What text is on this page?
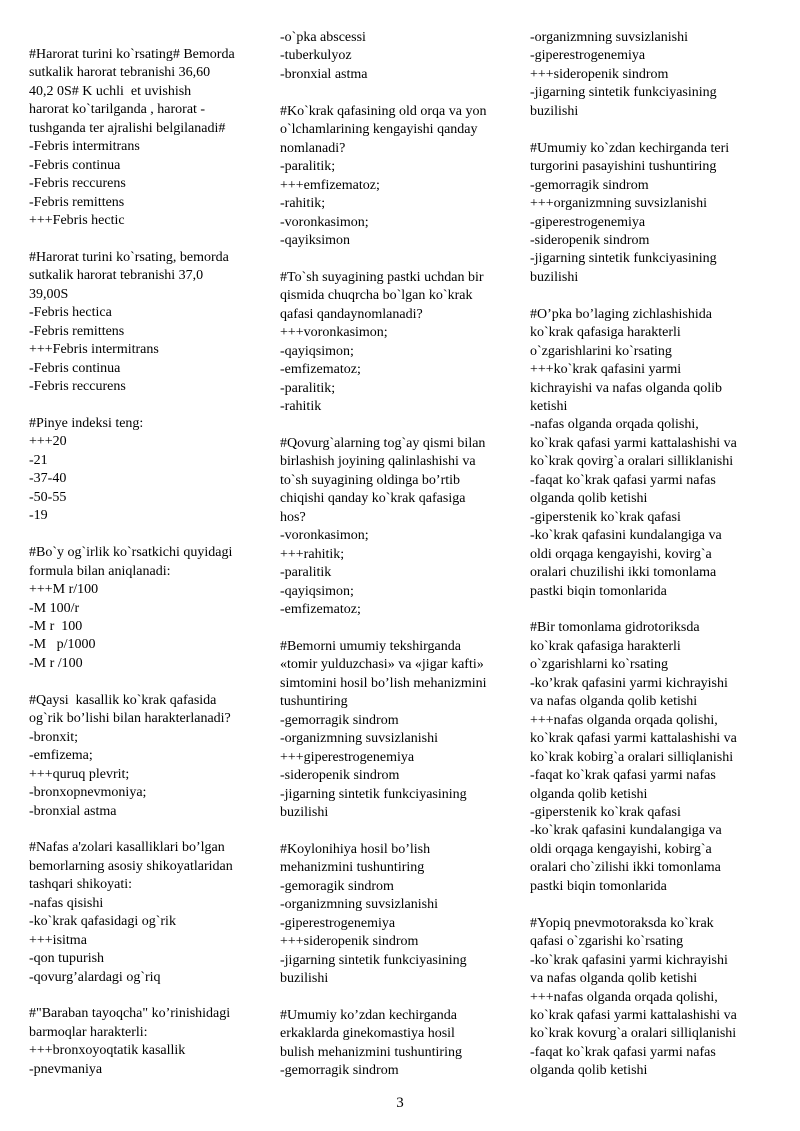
#Harorat turini ko`rsating# Bemorda
sutkalik harorat tebranishi 36,60
40,2 0S# K uchli  et uvishish
harorat ko`tarilganda , harorat -
tushganda ter ajralishi belgilanadi#
-Febris intermitrans
-Febris continua
-Febris reccurens
-Febris remittens
+++Febris hectic
#Harorat turini ko`rsating, bemorda
sutkalik harorat tebranishi 37,0
39,00S
-Febris hectica
-Febris remittens
+++Febris intermitrans
-Febris continua
-Febris reccurens
#Pinye indeksi teng:
+++20
-21
-37-40
-50-55
-19
#Bo`y og`irlik ko`rsatkichi quyidagi
formula bilan aniqlanadi:
+++M r/100
-M 100/r
-M r  100
-M   p/1000
-M r /100
#Qaysi  kasallik ko`krak qafasida
og`rik bo’lishi bilan harakterlanadi?
-bronxit;
-emfizema;
+++quruq plevrit;
-bronxopnevmoniya;
-bronxial astma
#Nafas a'zolari kasalliklari bo’lgan
bemorlarning asosiy shikoyatlaridan
tashqari shikoyati:
-nafas qisishi
-ko`krak qafasidagi og`rik
+++isitma
-qon tupurish
-qovurg’alardagi og`riq
#"Baraban tayoqcha" ko’rinishidagi
barmoqlar harakterli:
+++bronxoyoqtatik kasallik
-pnevmaniya
-o`pka abscessi
-tuberkulyoz
-bronxial astma
#Ko`krak qafasining old orqa va yon
o`lchamlarining kengayishi qanday
nomlanadi?
-paralitik;
+++emfizematoz;
-rahitik;
-voronkasimon;
-qayiksimon
#To`sh suyagining pastki uchdan bir
qismida chuqrcha bo`lgan ko`krak
qafasi qandaynomlanadi?
+++voronkasimon;
-qayiqsimon;
-emfizematoz;
-paralitik;
-rahitik
#Qovurg`alarning tog`ay qismi bilan
birlashish joyining qalinlashishi va
to`sh suyagining oldinga bo’rtib
chiqishi qanday ko`krak qafasiga
hos?
-voronkasimon;
+++rahitik;
-paralitik
-qayiqsimon;
-emfizematoz;
#Bemorni umumiy tekshirganda
«tomir yulduzchasi» va «jigar kafti»
simtomini hosil bo’lish mehanizmini
tushuntiring
-gemorragik sindrom
-organizmning suvsizlanishi
+++giperestrogenemiya
-sideropenik sindrom
-jigarning sintetik funkciyasining
buzilishi
#Koylonihiya hosil bo’lish
mehanizmini tushuntiring
-gemoragik sindrom
-organizmning suvsizlanishi
-giperestrogenemiya
+++sideropenik sindrom
-jigarning sintetik funkciyasining
buzilishi
#Umumiy ko’zdan kechirganda
erkaklarda ginekomastiya hosil
bulish mehanizmini tushuntiring
-gemorragik sindrom
-organizmning suvsizlanishi
-giperestrogenemiya
+++sideropenik sindrom
-jigarning sintetik funkciyasining
buzilishi
#Umumiy ko`zdan kechirganda teri
turgorini pasayishini tushuntiring
-gemorragik sindrom
+++organizmning suvsizlanishi
-giperestrogenemiya
-sideropenik sindrom
-jigarning sintetik funkciyasining
buzilishi
#O’pka bo’laging zichlashishida
ko`krak qafasiga harakterli
o`zgarishlarini ko`rsating
+++ko`krak qafasini yarmi
kichrayishi va nafas olganda qolib
ketishi
-nafas olganda orqada qolishi,
ko`krak qafasi yarmi kattalashishi va
ko`krak qovirg`a oralari silliklanishi
-faqat ko`krak qafasi yarmi nafas
olganda qolib ketishi
-giperstenik ko`krak qafasi
-ko`krak qafasini kundalangiga va
oldi orqaga kengayishi, kovirg`a
oralari chuzilishi ikki tomonlama
pastki biqin tomonlarida
#Bir tomonlama gidrotoriksda
ko`krak qafasiga harakterli
o`zgarishlarni ko`rsating
-ko’krak qafasini yarmi kichrayishi
va nafas olganda qolib ketishi
+++nafas olganda orqada qolishi,
ko`krak qafasi yarmi kattalashishi va
ko`krak kobirg`a oralari silliqlanishi
-faqat ko`krak qafasi yarmi nafas
olganda qolib ketishi
-giperstenik ko`krak qafasi
-ko`krak qafasini kundalangiga va
oldi orqaga kengayishi, kobirg`a
oralari cho`zilishi ikki tomonlama
pastki biqin tomonlarida
#Yopiq pnevmotoraksda ko`krak
qafasi o`zgarishi ko`rsating
-ko`krak qafasini yarmi kichrayishi
va nafas olganda qolib ketishi
+++nafas olganda orqada qolishi,
ko`krak qafasi yarmi kattalashishi va
ko`krak kovurg`a oralari silliqlanishi
-faqat ko`krak qafasi yarmi nafas
olganda qolib ketishi
3
